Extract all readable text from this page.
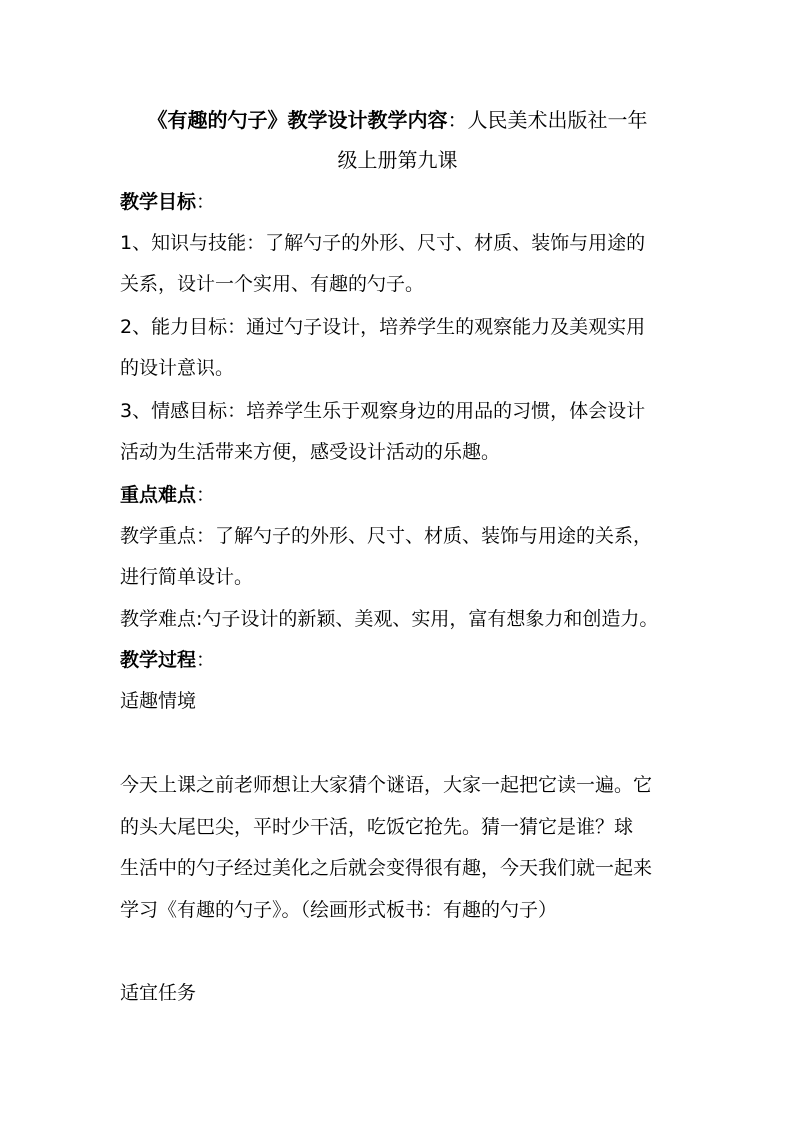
《有趣的勺子》教学设计教学内容：人民美术出版社一年
级上册第九课
教学目标：
1、知识与技能：了解勺子的外形、尺寸、材质、装饰与用途的
关系，设计一个实用、有趣的勺子。
2、能力目标：通过勺子设计，培养学生的观察能力及美观实用
的设计意识。
3、情感目标：培养学生乐于观察身边的用品的习惯，体会设计
活动为生活带来方便，感受设计活动的乐趣。
重点难点：
教学重点：了解勺子的外形、尺寸、材质、装饰与用途的关系，
进行简单设计。
教学难点:勺子设计的新颖、美观、实用，富有想象力和创造力。
教学过程：
适趣情境
今天上课之前老师想让大家猜个谜语，大家一起把它读一遍。它
的头大尾巴尖，平时少干活，吃饭它抢先。猜一猜它是谁？球
生活中的勺子经过美化之后就会变得很有趣，今天我们就一起来
学习《有趣的勺子》。（绘画形式板书：有趣的勺子）
适宜任务
